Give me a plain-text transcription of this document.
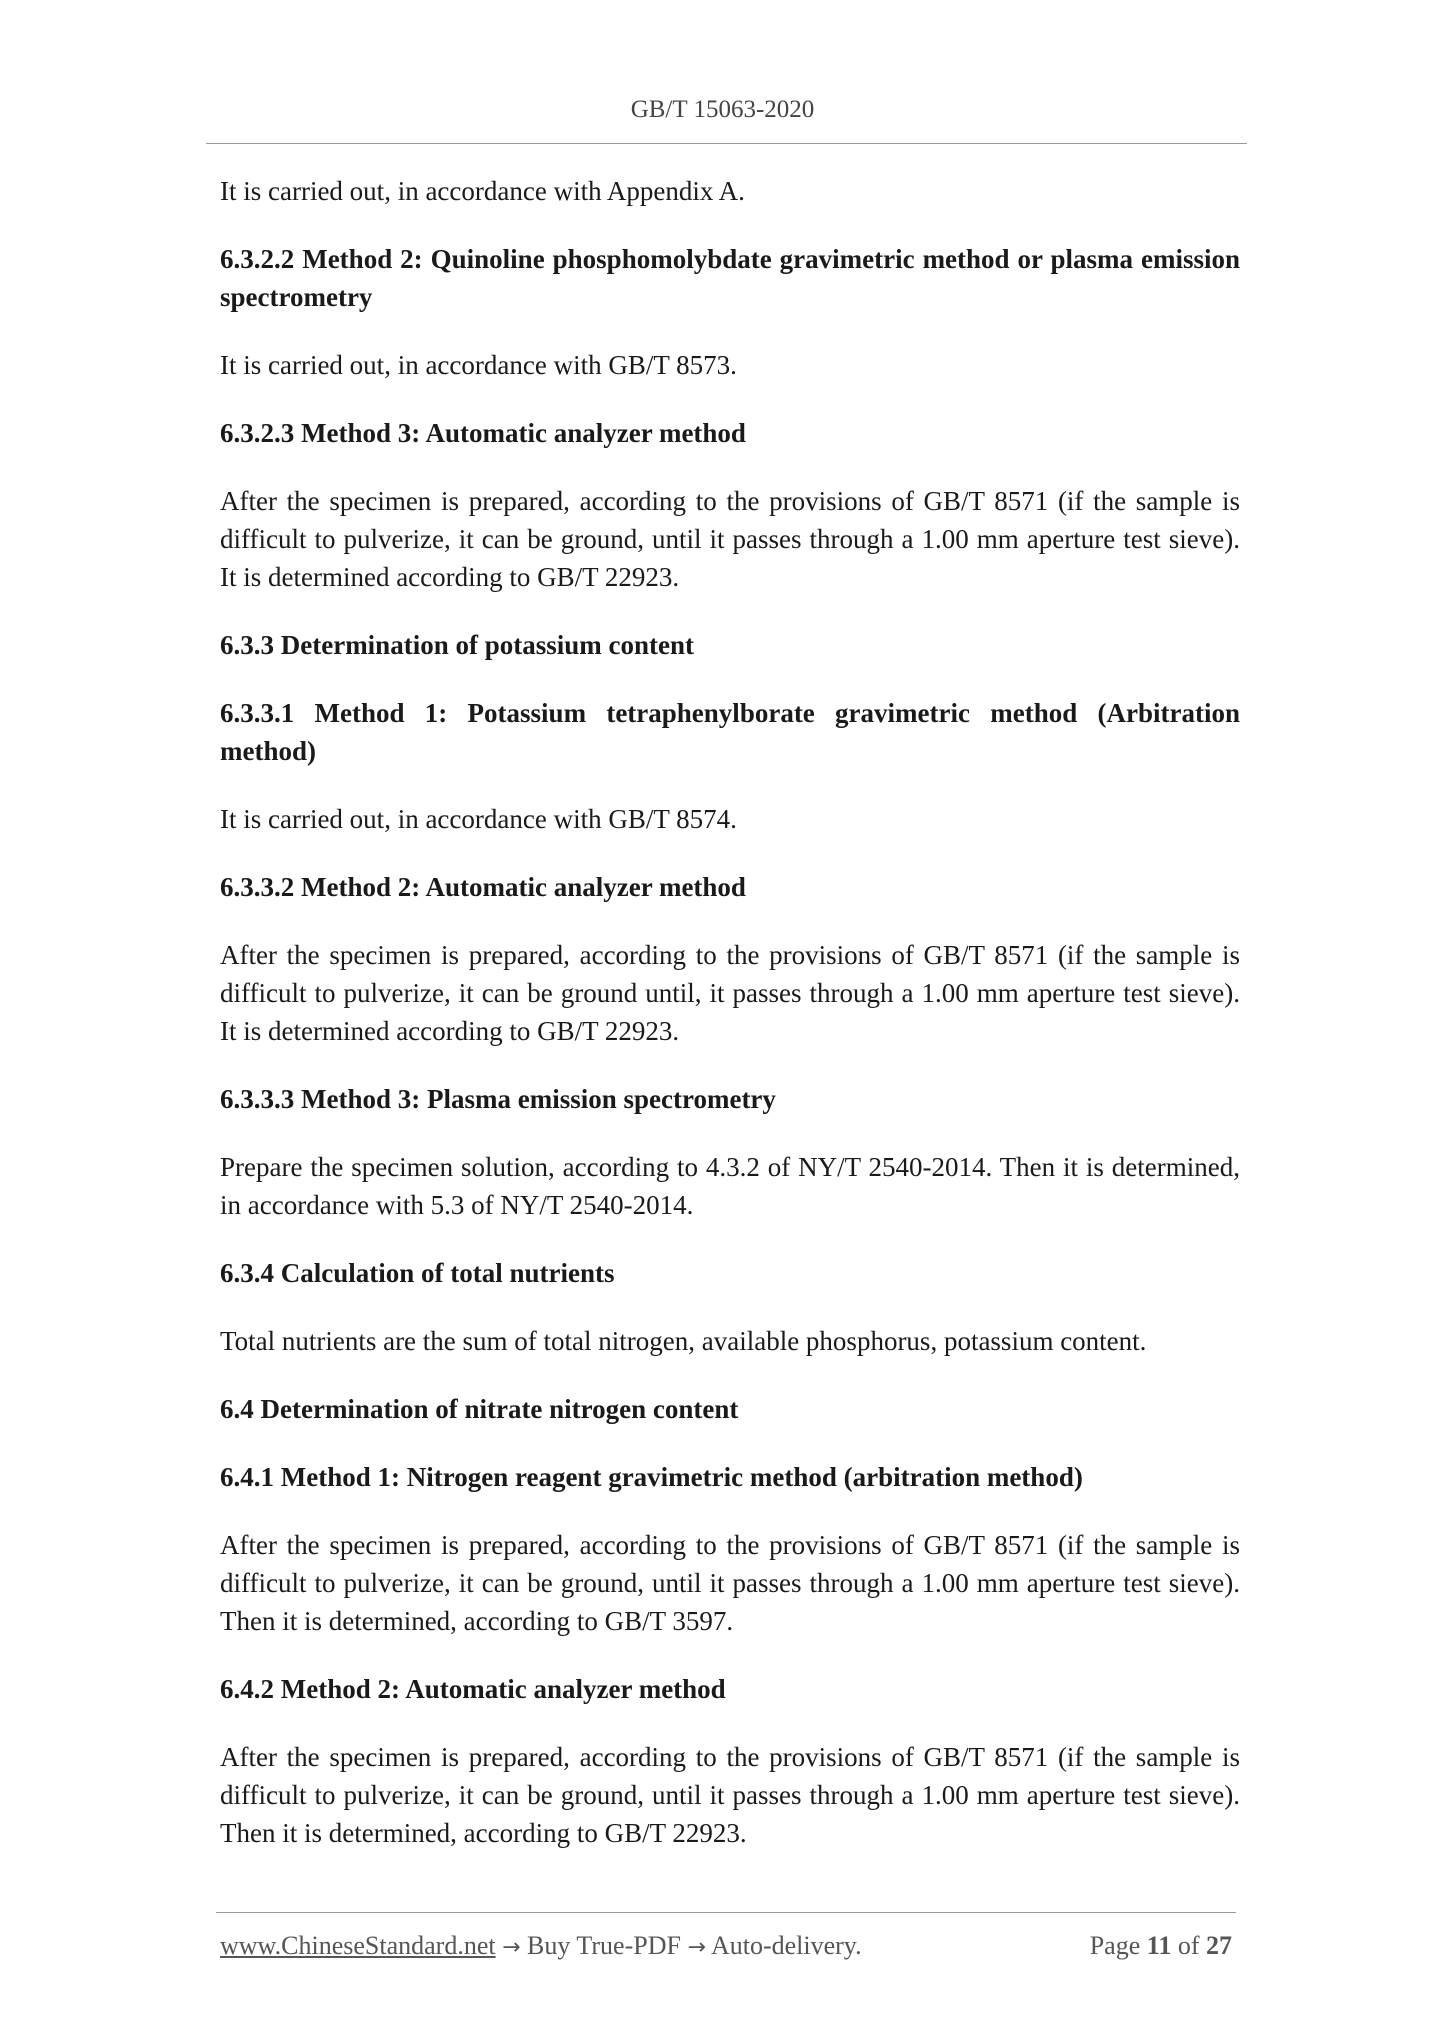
GB/T 15063-2020

It is carried out, in accordance with Appendix A.

6.3.2.2 Method 2: Quinoline phosphomolybdate gravimetric method or plasma emission spectrometry

It is carried out, in accordance with GB/T 8573.

6.3.2.3 Method 3: Automatic analyzer method

After the specimen is prepared, according to the provisions of GB/T 8571 (if the sample is difficult to pulverize, it can be ground, until it passes through a 1.00 mm aperture test sieve). It is determined according to GB/T 22923.

6.3.3 Determination of potassium content
6.3.3.1 Method 1: Potassium tetraphenylborate gravimetric method (Arbitration method)

It is carried out, in accordance with GB/T 8574.

6.3.3.2 Method 2: Automatic analyzer method

After the specimen is prepared, according to the provisions of GB/T 8571 (if the sample is difficult to pulverize, it can be ground until, it passes through a 1.00 mm aperture test sieve). It is determined according to GB/T 22923.

6.3.3.3 Method 3: Plasma emission spectrometry

Prepare the specimen solution, according to 4.3.2 of NY/T 2540-2014. Then it is determined, in accordance with 5.3 of NY/T 2540-2014.

6.3.4 Calculation of total nutrients

Total nutrients are the sum of total nitrogen, available phosphorus, potassium content.

6.4 Determination of nitrate nitrogen content
6.4.1 Method 1: Nitrogen reagent gravimetric method (arbitration method)

After the specimen is prepared, according to the provisions of GB/T 8571 (if the sample is difficult to pulverize, it can be ground, until it passes through a 1.00 mm aperture test sieve). Then it is determined, according to GB/T 3597.

6.4.2 Method 2: Automatic analyzer method

After the specimen is prepared, according to the provisions of GB/T 8571 (if the sample is difficult to pulverize, it can be ground, until it passes through a 1.00 mm aperture test sieve). Then it is determined, according to GB/T 22923.

www.ChineseStandard.net → Buy True-PDF → Auto-delivery.	Page 11 of 27
